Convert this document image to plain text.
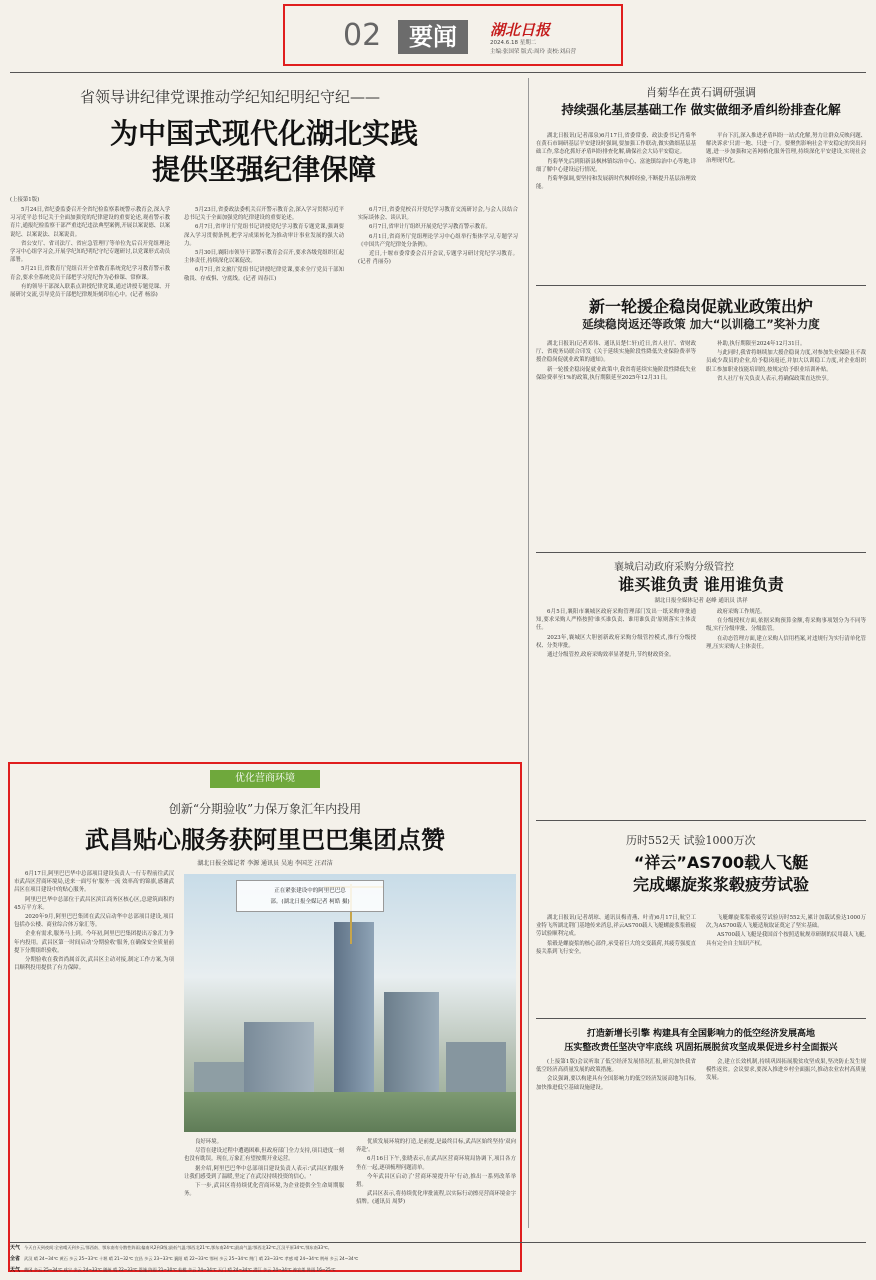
02	要闻	湖北日报
2024.6.18 星期二
主编:张国荣 版式:周玲 责校:刘启营
省领导讲纪律党课推动学纪知纪明纪守纪——
为中国式现代化湖北实践
提供坚强纪律保障
(上接第1版)

5月24日,省纪委监委召开全省纪检监察系统警示教育会,深入学习习近平总书记关于全面加强党的纪律建设的重要论述,观看警示教育片,通报纪检监察干部严重违纪违法典型案例,开展以案说德、以案说纪、以案说法、以案说责。

省公安厅、省司法厅、省应急管理厅等单位先后召开党组理论学习中心组学习会,开展学纪知纪明纪守纪专题研讨,以党课形式动员部署。

5月21日,省教育厅党组召开全省教育系统党纪学习教育警示教育会,要求全系统党员干部把学习党纪作为必修课、常修课。

有的领导干部深入联系点讲授纪律党课,通过讲授专题党课、开展研讨交流,引导党员干部把纪律规矩刻印在心中。(记者 杨添)

5月23日,省委政法委机关召开警示教育会,深入学习贯彻习近平总书记关于全面加强党的纪律建设的重要论述。

6月7日,省审计厅党组书记讲授党纪学习教育专题党课,强调要深入学习贯彻条例,把学习成果转化为推动审计事业发展的强大动力。

5月30日,襄阳市领导干部警示教育会召开,要求各级党组织扛起主体责任,持续深化以案促改。

6月7日,省文旅厅党组书记讲授纪律党课,要求全厅党员干部知敬畏、存戒惧、守底线。(记者 周春江)

6月7日,省委党校召开党纪学习教育交流研讨会,与会人员结合实际谈体会、谈认识。

6月7日,省审计厅组织开展党纪学习教育警示教育。

6月1日,省商务厅党组理论学习中心组举行集体学习,专题学习《中国共产党纪律处分条例》。

近日,十堰市委常委会召开会议,专题学习研讨党纪学习教育。(记者 肖丽芬)

肖菊华在黄石调研强调
持续强化基层基础工作 做实做细矛盾纠纷排查化解

湖北日报讯(记者邵泉)6月17日,省委常委、政法委书记肖菊华在黄石市调研基层平安建设时强调,要加强工作联动,做实做细基层基础工作,常态化抓好矛盾纠纷排查化解,确保社会大局平安稳定。

肖菊华先后到阳新县枫林镇综治中心、富池镇综治中心等地,详细了解中心建设运行情况。

肖菊华强调,要坚持和发展新时代枫桥经验,不断提升基层治理效能。

平台下沉,深入推进矛盾纠纷一站式化解,努力让群众反映问题、解决诉求'只需一地、只进一门'。要聚焦影响社会平安稳定的突出问题,进一步加强和完善网格化服务管理,持续深化平安建设,实现社会治理现代化。

新一轮援企稳岗促就业政策出炉
延续稳岗返还等政策 加大“以训稳工”奖补力度

湖北日报讯(记者邓伟、通讯员楚仁轩)近日,省人社厅、省财政厅、省税务局联合印发《关于延续实施阶段性降低失业保险费率等援企稳岗促就业政策的通知》。

新一轮援企稳岗促就业政策中,我省将延续实施阶段性降低失业保险费率至1%的政策,执行期限延至2025年12月31日。

补助,执行期限至2024年12月31日。

与此同时,我省将继续加大援企稳岗力度,对参加失业保险且不裁员或少裁员的企业,给予稳岗返还,并加大以训稳工力度,对企业组织职工参加职业技能培训的,按规定给予职业培训补贴。

省人社厅有关负责人表示,将确保政策直达快享。

襄城启动政府采购分级管控
谁买谁负责 谁用谁负责
湖北日报全媒体记者 赵峰 通讯员 洪祥

6月5日,襄阳市襄城区政府采购管理部门发出一纸采购审批通知,要求采购人严格按照'谁买谁负责、谁用谁负责'原则落实主体责任。

2023年,襄城区大胆创新政府采购分级管控模式,推行分级授权、分类审批。

通过分级管控,政府采购效率显著提升,节约财政资金。

政府采购工作规范。

在分级授权方面,依据采购预算金额,将采购事项划分为不同等级,实行分级审批、分级监管。

在动态管理方面,建立采购人信用档案,对违规行为实行清单化管理,压实采购人主体责任。

历时552天 试验1000万次
“祥云”AS700载人飞艇
完成螺旋浆浆毂疲劳试验

湖北日报讯(记者胡琼、通讯员梅青燕、叶青)6月17日,航空工业特飞所湖北荆门基地传来消息,祥云AS700载人飞艇螺旋浆浆毂疲劳试验顺利完成。

浆毂是螺旋浆的核心部件,承受着巨大的交变载荷,其疲劳强度直接关系到飞行安全。

飞艇螺旋桨浆毂疲劳试验历时552天,累计加载试验达1000万次,为AS700载人飞艇适航取证奠定了坚实基础。

AS700载人飞艇是我国首个按照适航规章研制的民用载人飞艇,具有完全自主知识产权。

打造新增长引擎 构建具有全国影响力的低空经济发展高地
压实整改责任坚决守牢底线 巩固拓展脱贫攻坚成果促进乡村全面振兴

(上接第1版)会议听取了低空经济发展情况汇报,研究加快我省低空经济高质量发展的政策措施。

会议强调,要以构建具有全国影响力的低空经济发展高地为目标,加快推进低空基础设施建设。

会,建立长效机制,持续巩固拓展脱贫攻坚成果,坚决防止发生规模性返贫。会议要求,要深入推进乡村全面振兴,推动农业农村高质量发展。

优化营商环境
创新“分期验收”力保万象汇年内投用
武昌贴心服务获阿里巴巴集团点赞
湖北日报全媒记者 李源 通讯员 吴迪 李国芝 汪君洁

6月17日,阿里巴巴华中总部项目建设负责人一行专程前往武汉市武昌区营商环境局,送来一面写有'服务一流 效率高'的锦旗,感谢武昌区在项目建设中的贴心服务。

阿里巴巴华中总部位于武昌区滨江商务区核心区,总建筑面积约45万平方米。

2020年9月,阿里巴巴集团在武汉启动华中总部项目建设,项目包括办公楼、商业综合体万象汇等。

企业有需求,服务马上到。今年初,阿里巴巴集团提出万象汇力争年内投用。武昌区第一时间启动'分期验收'服务,在确保安全质量前提下分期组织验收。

分期验收在我省尚属首次,武昌区主动对接,制定工作方案,为项目顺利投用提供了有力保障。

正在紧张建设中的阿里巴巴总
部。(湖北日报全媒记者 柯皓 摄)

良好环境。

尽管在建设过程中遭遇困难,但政府部门全力支持,项目进度一刻也没有耽误。现在,万象汇有望按期开业运营。

据介绍,阿里巴巴华中总部项目建设负责人表示:'武昌区的服务让我们感受到了温暖,坚定了在武汉持续投资的信心。'

下一步,武昌区将持续优化营商环境,为企业提供全生命周期服务。

优质发展环境的打造,是前提,是最终目标,武昌区始终坚持'双向奔赴'。

6月16日下午,张晓表示,在武昌区营商环境局协调下,项目各方坐在一起,逐项梳理问题清单。

今年武昌区启动了'营商环境提升年'行动,推出一系列改革举措。

武昌区表示,将持续优化审批流程,以实际行动擦亮营商环境金字招牌。(通讯员 周梦)

天气 今天白天到夜间:全省晴天到多云,鄂西南、鄂东南有分散性阵雨;偏南风2到3级;最低气温:鄂西北21℃,鄂东南24℃;最高气温:鄂西北32℃,江汉平原34℃,鄂东南33℃。
全省 武汉 晴 24~34℃ 黄石 多云 25~33℃ 十堰 晴 21~32℃ 宜昌 多云 23~33℃ 襄阳 晴 22~33℃ 鄂州 多云 25~34℃ 荆门 晴 23~33℃ 孝感 晴 24~34℃ 荆州 多云 24~34℃
天气 黄冈 多云 25~34℃ 咸宁 多云 24~33℃ 随州 晴 22~33℃ 恩施 阵雨 21~30℃ 仙桃 多云 24~34℃ 天门 晴 24~34℃ 潜江 多云 24~34℃ 神农架 阵雨 16~25℃
